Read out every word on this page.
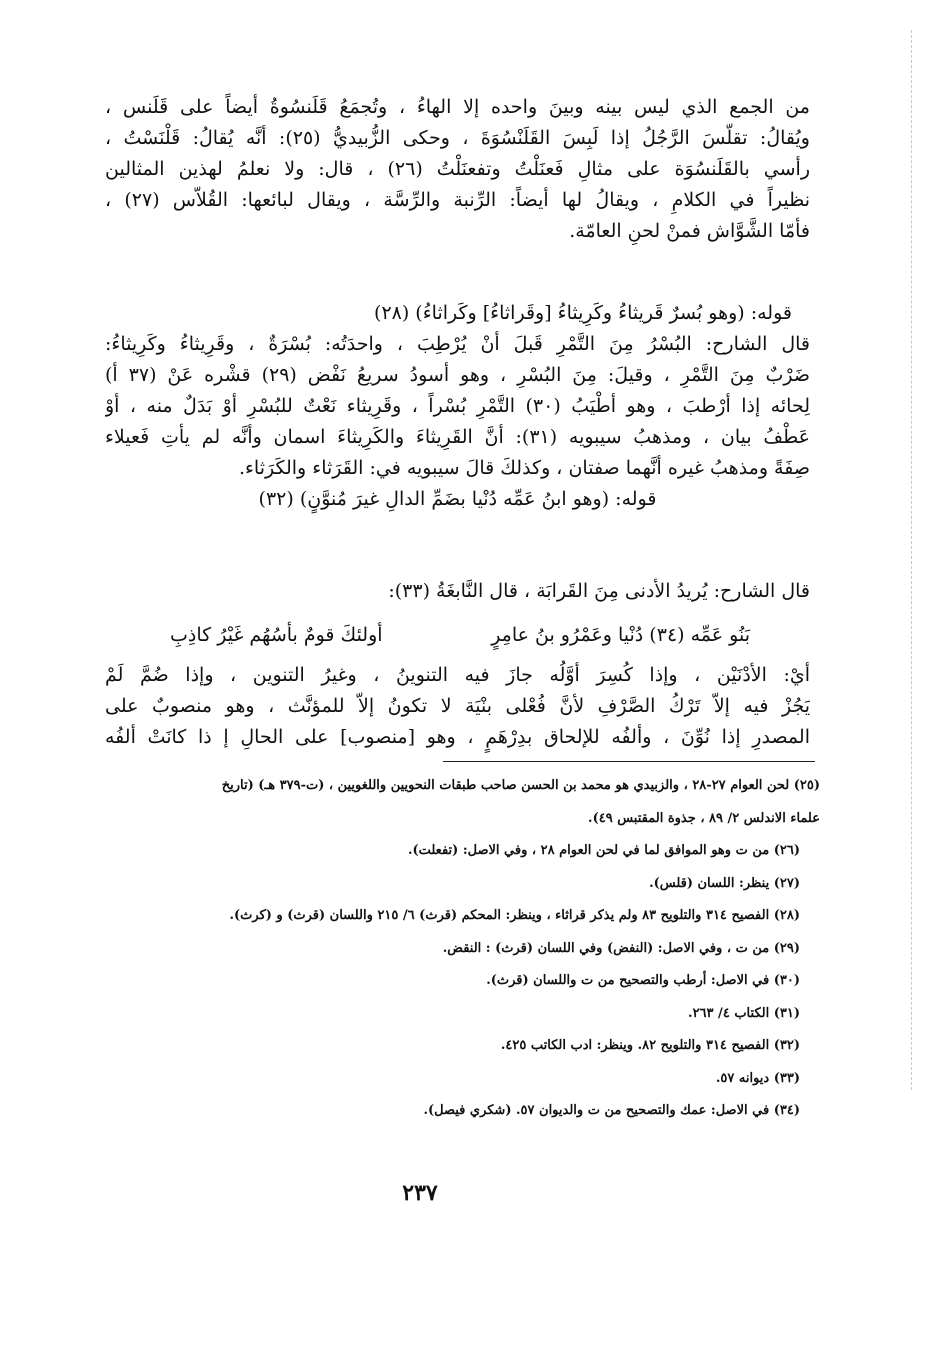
من الجمع الذي ليس بينه وبينَ واحده إلا الهاءُ ، وتُجمَعُ قَلَنسُوةُ أيضاً على قَلَنس ،
ويُقالُ: تقلَّسَ الرَّجُلُ إذا لَبِسَ القَلَنْسُوَةَ ، وحكى الزُّبيديُّ (٢٥): أنَّه يُقالُ: قَلْنَسْتُ ،
رأسي بالقَلَنسُوَة على مثالِ فَعنَلْتُ وتفعنَلْتُ (٢٦) ، قال: ولا نعلمُ لهذين المثالين
نظيراً في الكلامِ ، ويقالُ لها أيضاً: الرِّنبة والرِّسَّة ، ويقال لبائعها: القُلاّس (٢٧) ،
فأمّا الشَّوَّاش فمنْ لحنِ العامّة.
قوله: (وهو بُسرٌ قَريثاءُ وكَرِيثاءُ [وقَراثاءُ] وكَراثاءُ) (٢٨)
قال الشارح: البُسْرُ مِنَ التَّمْرِ قَبلَ أنْ يُرْطِبَ ، واحدَتُه: بُسْرَةٌ ، وقَرِيثاءُ وكَرِيثاءُ:
ضَرْبٌ مِنَ التَّمْرِ ، وقيلَ: مِنَ البُسْرِ ، وهو أسودُ سريعُ نَفْض (٢٩) قشْره عَنْ (٣٧ أ)
لِحائه إذا أرْطبَ ، وهو أطْيَبُ (٣٠) التَّمْرِ بُسْراً ، وقَرِيثاء نَعْتٌ للبُسْرِ أوْ بَدَلٌ منه ، أوْ
عَطْفُ بيان ، ومذهبُ سيبويه (٣١): أنَّ القَرِيثاءَ والكَرِيثاءَ اسمان وأنَّه لم يأتِ فَعيلاء
صِفَةً ومذهبُ غيره أنَّهما صفتان ، وكذلكَ قالَ سيبويه في: القَرَثاء والكَرَثاء.
قوله: (وهو ابنُ عَمِّه دُنْيا بضَمِّ الدالِ غيرَ مُنوَّنٍ) (٣٢)
قال الشارح: يُريدُ الأدنى مِنَ القَرابَة ، قال النَّابغَةُ (٣٣):
بَنُو عَمِّه (٣٤) دُنْيا وعَمْرُو بنُ عامِرٍ
أولئكَ قومٌ بأسُهُم غَيْرُ كاذِبِ
أيْ: الأدْنَيْن ، وإذا كُسِرَ أوَّلُه جازَ فيه التنوينُ ، وغيرُ التنوين ، وإذا ضُمَّ لَمْ
يَجُزْ فيه إلاّ تَرْكُ الصَّرْفِ لأنَّ فُعْلى بنْيَة لا تكونُ إلاّ للمؤنَّث ، وهو منصوبٌ على
المصدرِ إذا نُوِّنَ ، وألفُه للإلحاق بدِرْهَمٍ ، وهو [منصوب] على الحالِ إ ذا كانَتْ ألفُه
(٢٥) لحن العوام ٢٧-٢٨ ، والزبيدي هو محمد بن الحسن صاحب طبقات النحويين واللغويين ، (ت-٣٧٩ هـ) (تاريخ
علماء الاندلس ٢/ ٨٩ ، جذوة المقتبس ٤٩).
(٢٦) من ت وهو الموافق لما في لحن العوام ٢٨ ، وفي الاصل: (تفعلت).
(٢٧) ينظر: اللسان (قلس).
(٢٨) الفصيح ٣١٤ والتلويح ٨٣ ولم يذكر قراثاء ، وينظر: المحكم (قرث) ٦/ ٢١٥ واللسان (قرث) و (كرث).
(٢٩) من ت ، وفي الاصل: (النفض) وفي اللسان (قرث) : النقض.
(٣٠) في الاصل: أرطب والتصحيح من ت واللسان (قرث).
(٣١) الكتاب ٤/ ٢٦٣.
(٣٢) الفصيح ٣١٤ والتلويح ٨٢. وينظر: ادب الكاتب ٤٢٥.
(٣٣) ديوانه ٥٧.
(٣٤) في الاصل: عمك والتصحيح من ت والديوان ٥٧. (شكري فيصل).
٢٣٧
